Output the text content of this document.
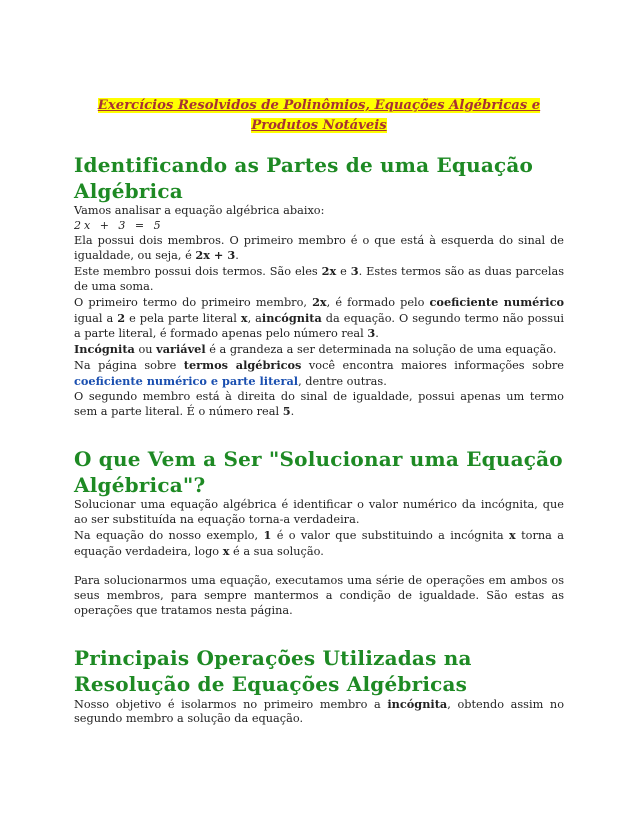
Exercícios Resolvidos de Polinômios, Equações Algébricas e
Produtos Notáveis
Identificando as Partes de uma Equação
Algébrica

Vamos analisar a equação algébrica abaixo:

2x + 3 = 5

Ela possui dois membros. O primeiro membro é o que está à esquerda do sinal de igualdade, ou seja, é 2x + 3.

Este membro possui dois termos. São eles 2x e 3. Estes termos são as duas parcelas de uma soma.

O primeiro termo do primeiro membro, 2x, é formado pelo coeficiente numérico igual a 2 e pela parte literal x, aincógnita da equação. O segundo termo não possui a parte literal, é formado apenas pelo número real 3.

Incógnita ou variável é a grandeza a ser determinada na solução de uma equação.

Na página sobre termos algébricos você encontra maiores informações sobre coeficiente numérico e parte literal, dentre outras.

O segundo membro está à direita do sinal de igualdade, possui apenas um termo sem a parte literal. É o número real 5.

O que Vem a Ser "Solucionar uma Equação
Algébrica"?

Solucionar uma equação algébrica é identificar o valor numérico da incógnita, que ao ser substituída na equação torna-a verdadeira.

Na equação do nosso exemplo, 1 é o valor que substituindo a incógnita x torna a equação verdadeira, logo x é a sua solução.

Para solucionarmos uma equação, executamos uma série de operações em ambos os seus membros, para sempre mantermos a condição de igualdade. São estas as operações que tratamos nesta página.

Principais Operações Utilizadas na
Resolução de Equações Algébricas

Nosso objetivo é isolarmos no primeiro membro a incógnita, obtendo assim no segundo membro a solução da equação.
